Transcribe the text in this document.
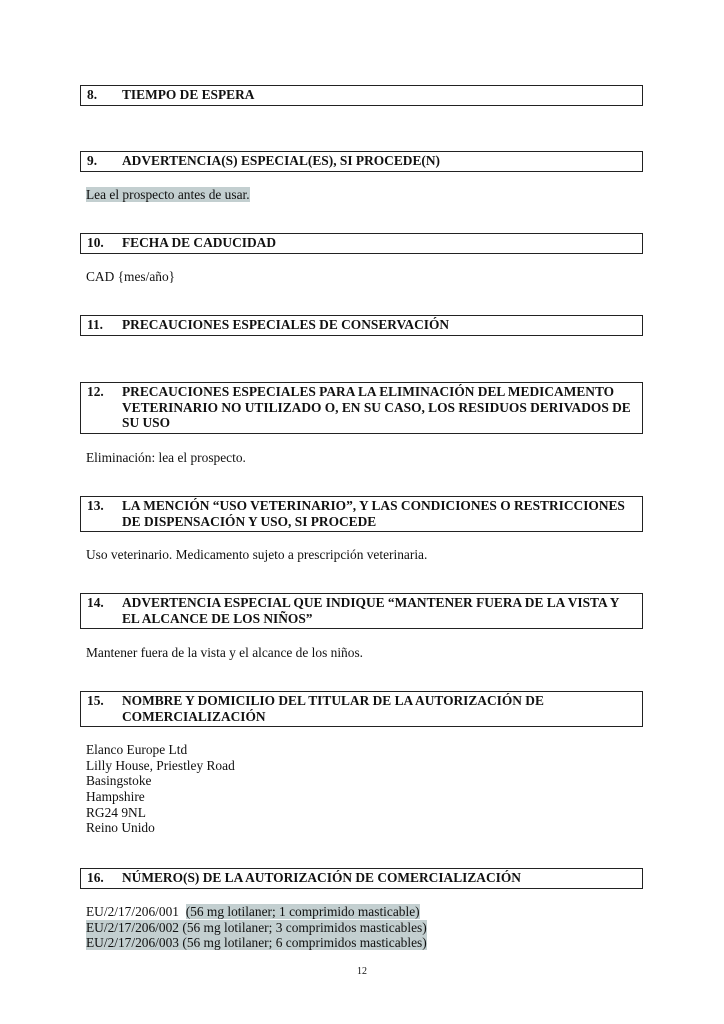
8.	TIEMPO DE ESPERA
9.	ADVERTENCIA(S) ESPECIAL(ES), SI PROCEDE(N)
Lea el prospecto antes de usar.
10.	FECHA DE CADUCIDAD
CAD {mes/año}
11.	PRECAUCIONES ESPECIALES DE CONSERVACIÓN
12.	PRECAUCIONES ESPECIALES PARA LA ELIMINACIÓN DEL MEDICAMENTO VETERINARIO NO UTILIZADO O, EN SU CASO, LOS RESIDUOS DERIVADOS DE SU USO
Eliminación: lea el prospecto.
13.	LA MENCIÓN “USO VETERINARIO”, Y LAS CONDICIONES O RESTRICCIONES DE DISPENSACIÓN Y USO, SI PROCEDE
Uso veterinario. Medicamento sujeto a prescripción veterinaria.
14.	ADVERTENCIA ESPECIAL QUE INDIQUE “MANTENER FUERA DE LA VISTA Y EL ALCANCE DE LOS NIÑOS”
Mantener fuera de la vista y el alcance de los niños.
15.	NOMBRE Y DOMICILIO DEL TITULAR DE LA AUTORIZACIÓN DE COMERCIALIZACIÓN
Elanco Europe Ltd
Lilly House, Priestley Road
Basingstoke
Hampshire
RG24 9NL
Reino Unido
16.	NÚMERO(S) DE LA AUTORIZACIÓN DE COMERCIALIZACIÓN
EU/2/17/206/001 (56 mg lotilaner; 1 comprimido masticable)
EU/2/17/206/002 (56 mg lotilaner; 3 comprimidos masticables)
EU/2/17/206/003 (56 mg lotilaner; 6 comprimidos masticables)
12
